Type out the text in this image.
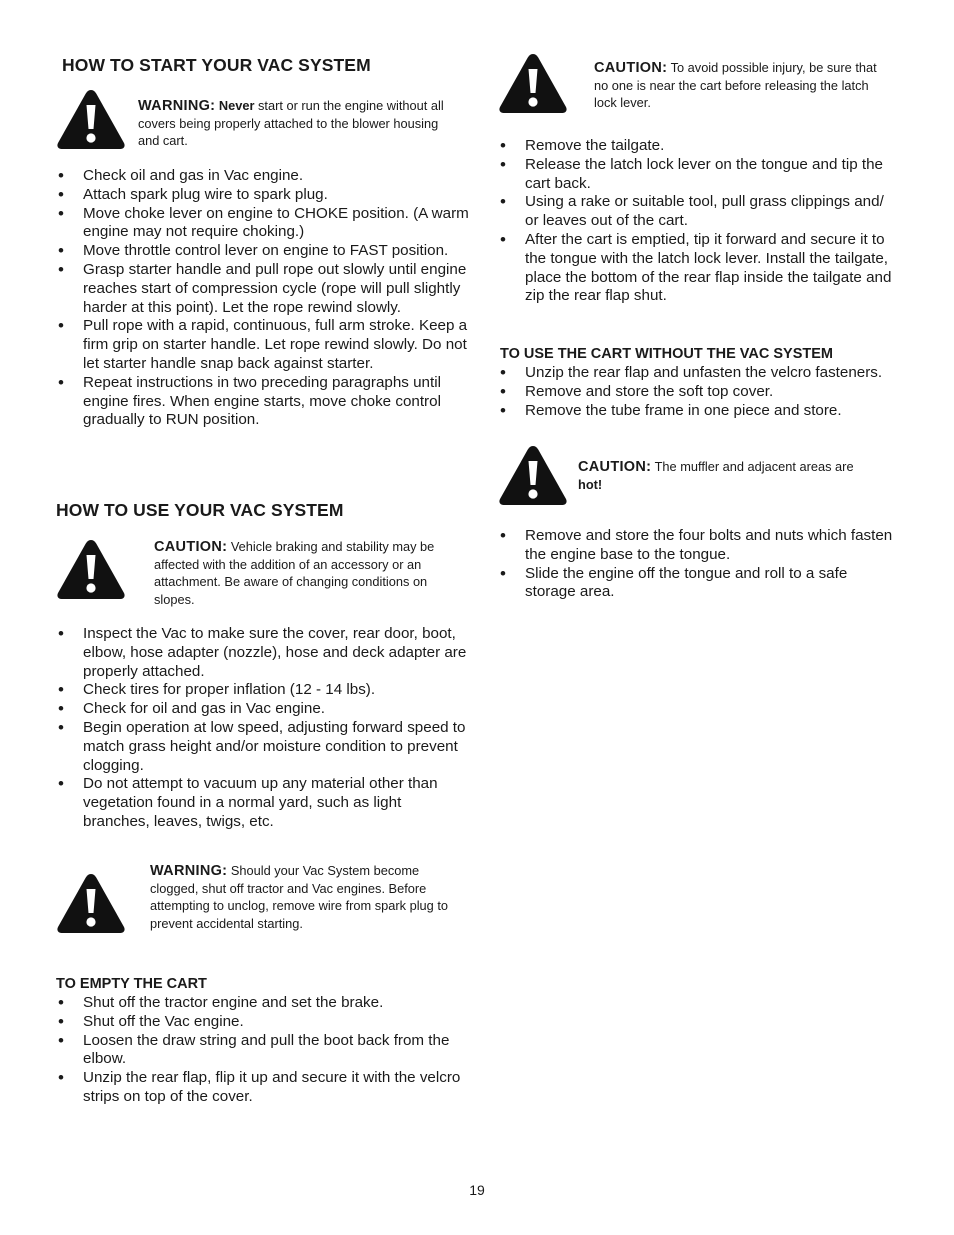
HOW TO START YOUR VAC SYSTEM
WARNING: Never start or run the engine without all covers being properly attached to the blower housing and cart.
• Check oil and gas in Vac engine.
• Attach spark plug wire to spark plug.
• Move choke lever on engine to CHOKE position. (A warm engine may not require choking.)
• Move throttle control lever on engine to FAST position.
• Grasp starter handle and pull rope out slowly until engine reaches start of compression cycle (rope will pull slightly harder at this point). Let the rope rewind slowly.
• Pull rope with a rapid, continuous, full arm stroke. Keep a firm grip on starter handle. Let rope rewind slowly. Do not let starter handle snap back against starter.
• Repeat instructions in two preceding paragraphs until engine fires. When engine starts, move choke control gradually to RUN position.
HOW TO USE YOUR VAC SYSTEM
CAUTION: Vehicle braking and stability may be affected with the addition of an accessory or an attachment. Be aware of changing conditions on slopes.
• Inspect the Vac to make sure the cover, rear door, boot, elbow, hose adapter (nozzle), hose and deck adapter are properly attached.
• Check tires for proper inflation (12 - 14 lbs).
• Check for oil and gas in Vac engine.
• Begin operation at low speed, adjusting forward speed to match grass height and/or moisture condition to prevent clogging.
• Do not attempt to vacuum up any material other than vegetation found in a normal yard, such as light branches, leaves, twigs, etc.
WARNING: Should your Vac System become clogged, shut off tractor and Vac engines. Before attempting to unclog, remove wire from spark plug to prevent accidental starting.
TO EMPTY THE CART
• Shut off the tractor engine and set the brake.
• Shut off the Vac engine.
• Loosen the draw string and pull the boot back from the elbow.
• Unzip the rear flap, flip it up and secure it with the velcro strips on top of the cover.
CAUTION: To avoid possible injury, be sure that no one is near the cart before releasing the latch lock lever.
• Remove the tailgate.
• Release the latch lock lever on the tongue and tip the cart back.
• Using a rake or suitable tool, pull grass clippings and/ or leaves out of the cart.
• After the cart is emptied, tip it forward and secure it to the tongue with the latch lock lever. Install the tailgate, place the bottom of the rear flap inside the tailgate and zip the rear flap shut.
TO USE THE CART WITHOUT THE VAC SYSTEM
• Unzip the rear flap and unfasten the velcro fasteners.
• Remove and store the soft top cover.
• Remove the tube frame in one piece and store.
CAUTION: The muffler and adjacent areas are hot!
• Remove and store the four bolts and nuts which fasten the engine base to the tongue.
• Slide the engine off the tongue and roll to a safe storage area.
19
